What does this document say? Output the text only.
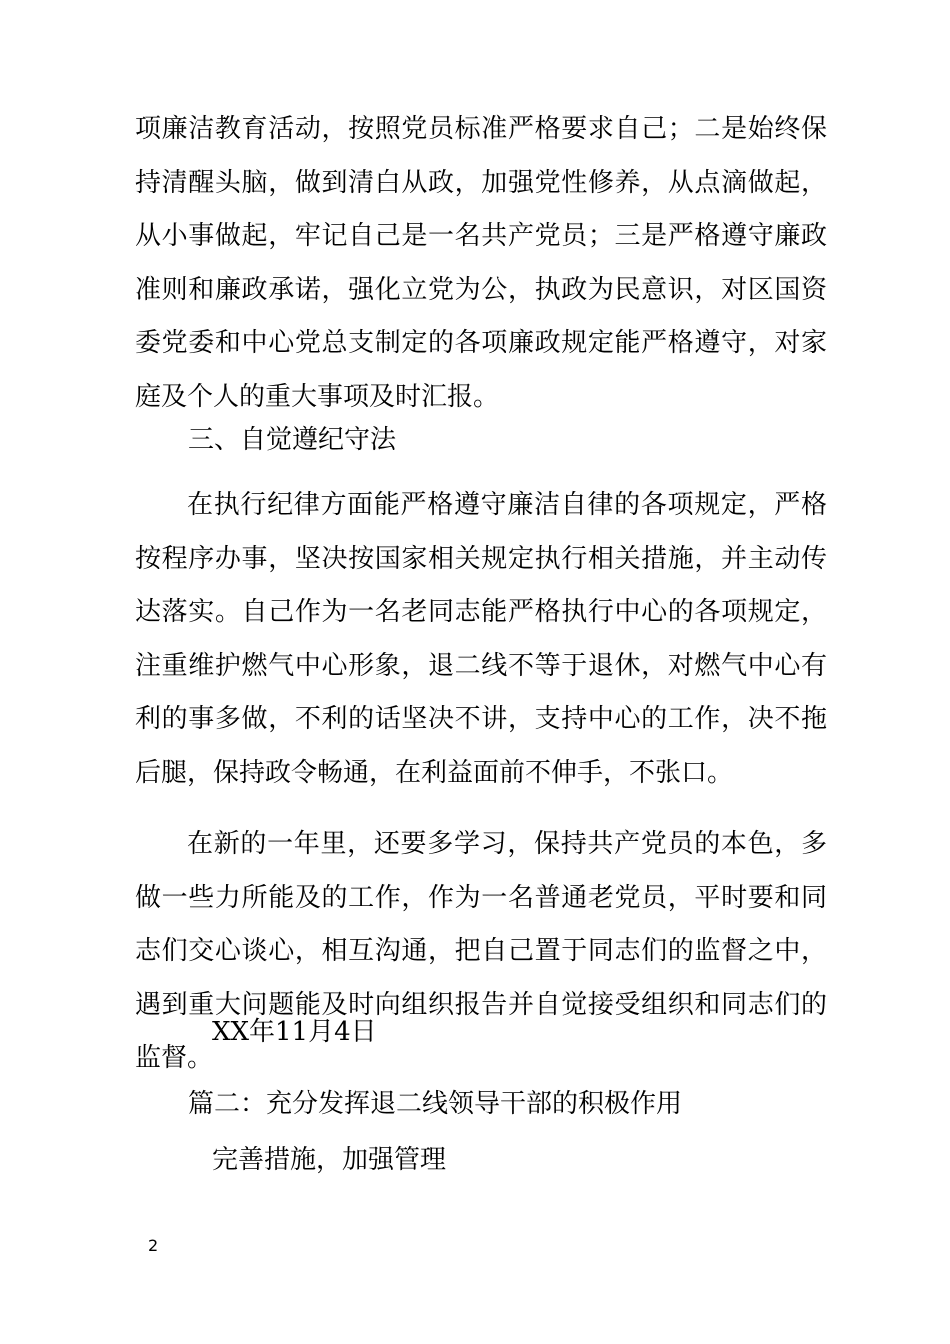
项廉洁教育活动，按照党员标准严格要求自己；二是始终保持清醒头脑，做到清白从政，加强党性修养，从点滴做起，从小事做起，牢记自己是一名共产党员；三是严格遵守廉政准则和廉政承诺，强化立党为公，执政为民意识，对区国资委党委和中心党总支制定的各项廉政规定能严格遵守，对家庭及个人的重大事项及时汇报。

三、自觉遵纪守法

在执行纪律方面能严格遵守廉洁自律的各项规定，严格按程序办事，坚决按国家相关规定执行相关措施，并主动传达落实。自己作为一名老同志能严格执行中心的各项规定，注重维护燃气中心形象，退二线不等于退休，对燃气中心有利的事多做，不利的话坚决不讲，支持中心的工作，决不拖后腿，保持政令畅通，在利益面前不伸手，不张口。

在新的一年里，还要多学习，保持共产党员的本色，多做一些力所能及的工作，作为一名普通老党员，平时要和同志们交心谈心，相互沟通，把自己置于同志们的监督之中，遇到重大问题能及时向组织报告并自觉接受组织和同志们的监督。

XX年11月4日

篇二：充分发挥退二线领导干部的积极作用

完善措施，加强管理

2
